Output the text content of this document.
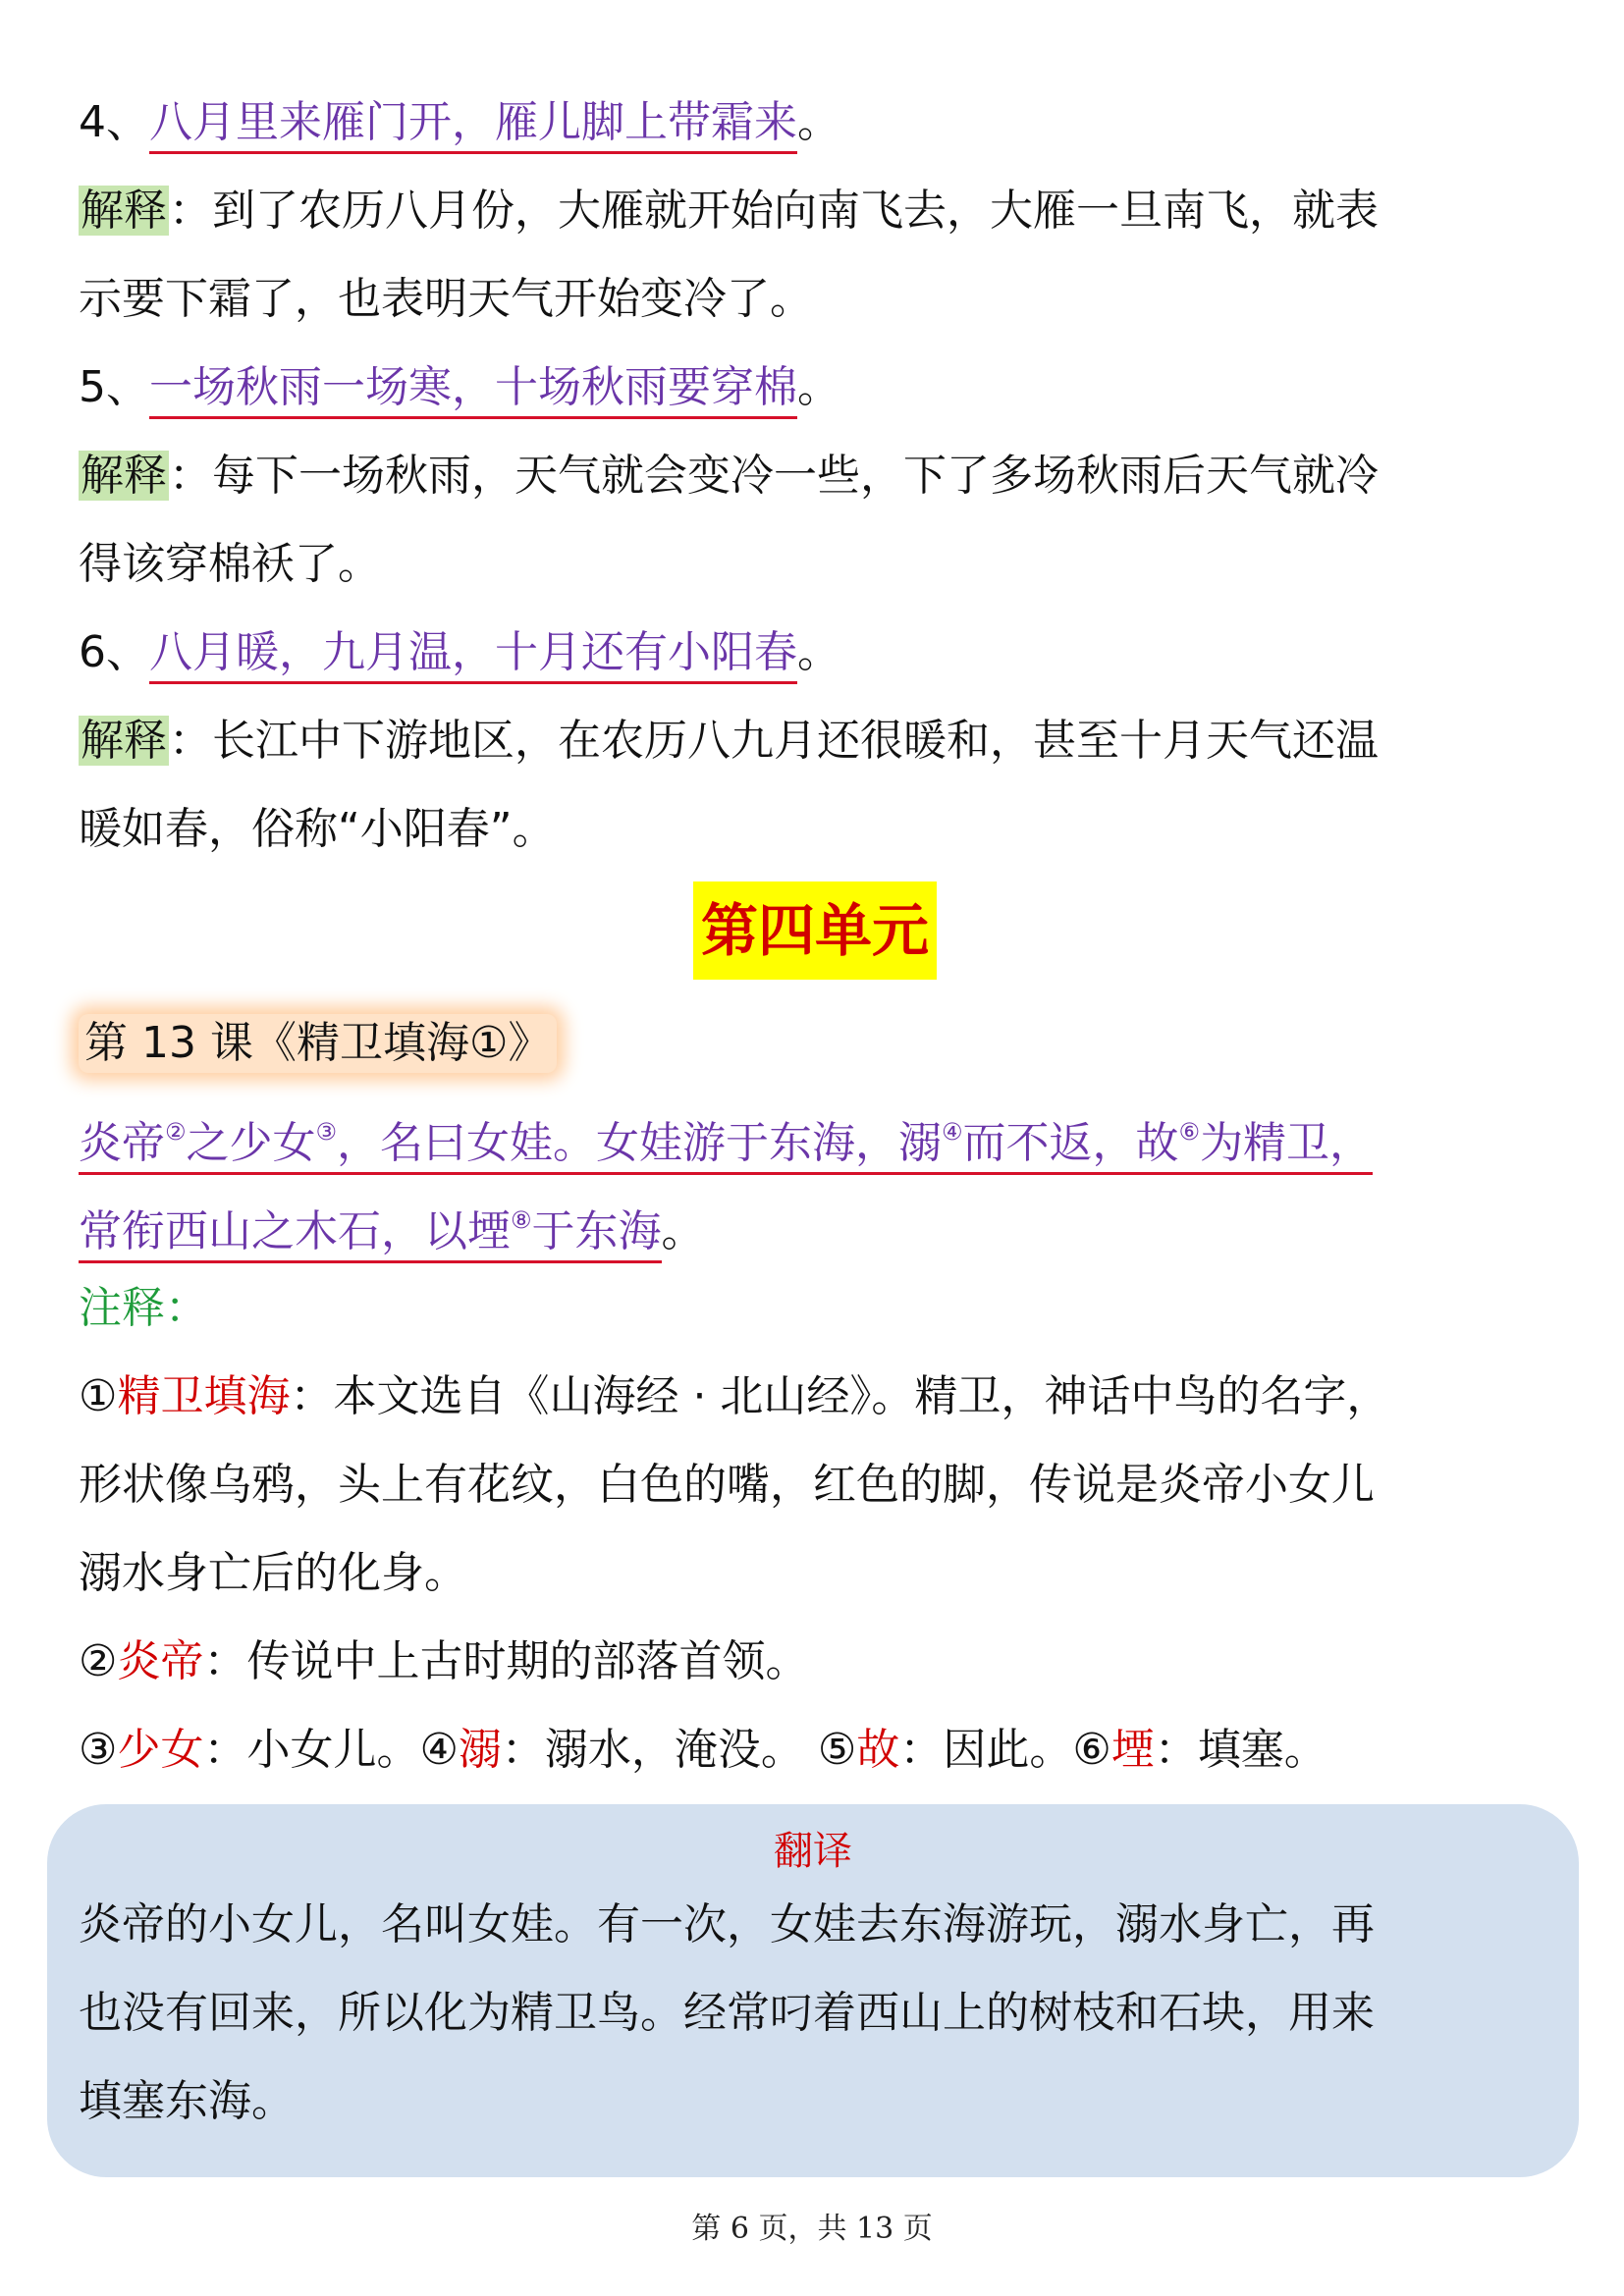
4、八月里来雁门开，雁儿脚上带霜来。
解释：到了农历八月份，大雁就开始向南飞去，大雁一旦南飞，就表
示要下霜了，也表明天气开始变冷了。
5、一场秋雨一场寒，十场秋雨要穿棉。
解释：每下一场秋雨，天气就会变冷一些，下了多场秋雨后天气就冷
得该穿棉袄了。
6、八月暖，九月温，十月还有小阳春。
解释：长江中下游地区，在农历八九月还很暖和，甚至十月天气还温
暖如春，俗称“小阳春”。
第四单元
第 13 课《精卫填海①》
炎帝②之少女③，名曰女娃。女娃游于东海，溺④而不返，故⑥为精卫，
常衔西山之木石，以堙⑧于东海。
注释：
①精卫填海：本文选自《山海经 · 北山经》。精卫，神话中鸟的名字，
形状像乌鸦，头上有花纹，白色的嘴，红色的脚，传说是炎帝小女儿
溺水身亡后的化身。
②炎帝：传说中上古时期的部落首领。
③少女：小女儿。④溺：溺水，淹没。 ⑤故：因此。⑥堙：填塞。
翻译
炎帝的小女儿，名叫女娃。有一次，女娃去东海游玩，溺水身亡，再
也没有回来，所以化为精卫鸟。经常叼着西山上的树枝和石块，用来
填塞东海。
第 6 页，共 13 页
